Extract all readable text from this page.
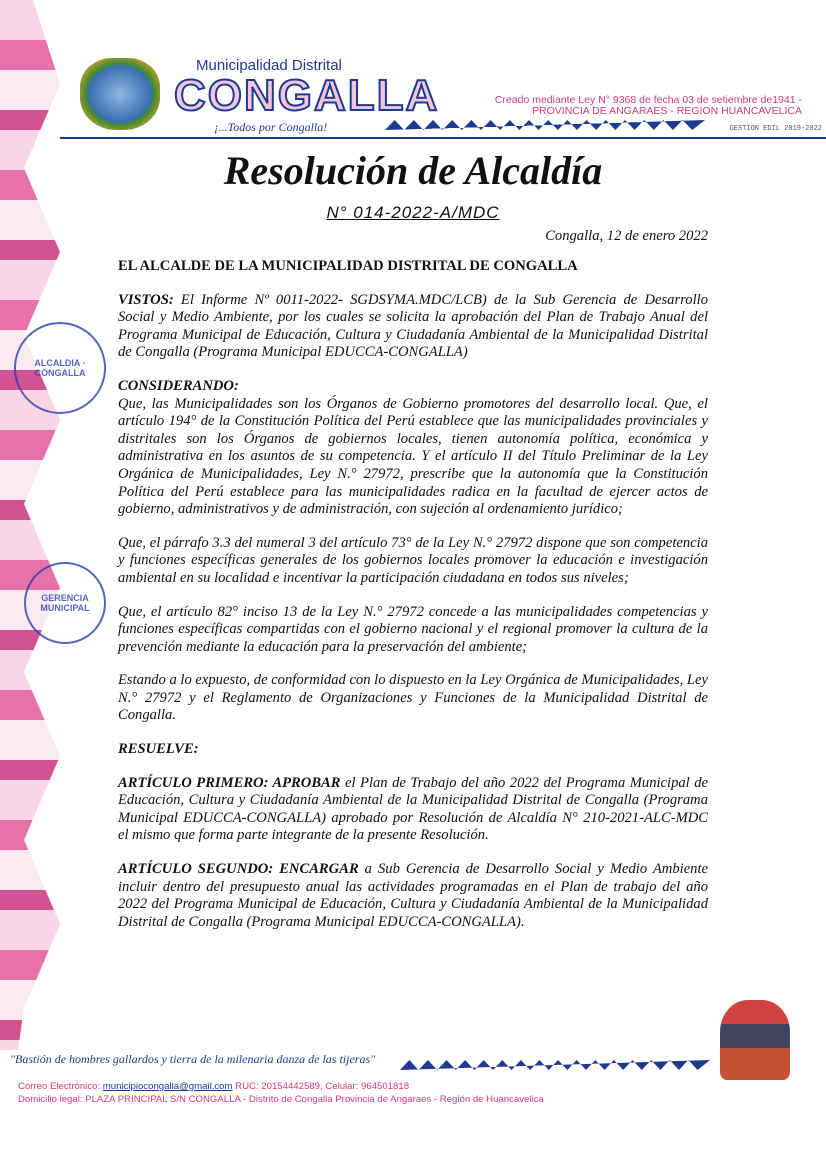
Municipalidad Distrital
CONGALLA
¡...Todos por Congalla!
Creado mediante Ley N° 9368 de fecha 03 de setiembre de1941 -
PROVINCIA DE ANGARAES - REGION HUANCAVELICA
GESTION EDIL 2019-2022
Resolución de Alcaldía
N° 014-2022-A/MDC
Congalla, 12 de enero 2022
EL ALCALDE DE LA MUNICIPALIDAD DISTRITAL DE CONGALLA
VISTOS: El Informe Nº 0011-2022- SGDSYMA.MDC/LCB) de la Sub Gerencia de Desarrollo Social y Medio Ambiente, por los cuales se solicita la aprobación del Plan de Trabajo Anual del Programa Municipal de Educación, Cultura y Ciudadanía Ambiental de la Municipalidad Distrital de Congalla (Programa Municipal EDUCCA-CONGALLA)
CONSIDERANDO:
Que, las Municipalidades son los Órganos de Gobierno promotores del desarrollo local. Que, el artículo 194° de la Constitución Política del Perú establece que las municipalidades provinciales y distritales son los Órganos de gobiernos locales, tienen autonomía política, económica y administrativa en los asuntos de su competencia. Y el artículo II del Título Preliminar de la Ley Orgánica de Municipalidades, Ley N.° 27972, prescribe que la autonomía que la Constitución Política del Perú establece para las municipalidades radica en la facultad de ejercer actos de gobierno, administrativos y de administración, con sujeción al ordenamiento jurídico;
Que, el párrafo 3.3 del numeral 3 del artículo 73° de la Ley N.° 27972 dispone que son competencia y funciones específicas generales de los gobiernos locales promover la educación e investigación ambiental en su localidad e incentivar la participación ciudadana en todos sus niveles;
Que, el artículo 82° inciso 13 de la Ley N.° 27972 concede a las municipalidades competencias y funciones específicas compartidas con el gobierno nacional y el regional promover la cultura de la prevención mediante la educación para la preservación del ambiente;
Estando a lo expuesto, de conformidad con lo dispuesto en la Ley Orgánica de Municipalidades, Ley N.° 27972 y el Reglamento de Organizaciones y Funciones de la Municipalidad Distrital de Congalla.
RESUELVE:
ARTÍCULO PRIMERO: APROBAR el Plan de Trabajo del año 2022 del Programa Municipal de Educación, Cultura y Ciudadanía Ambiental de la Municipalidad Distrital de Congalla (Programa Municipal EDUCCA-CONGALLA) aprobado por Resolución de Alcaldía N° 210-2021-ALC-MDC el mismo que forma parte integrante de la presente Resolución.
ARTÍCULO SEGUNDO: ENCARGAR a Sub Gerencia de Desarrollo Social y Medio Ambiente incluir dentro del presupuesto anual las actividades programadas en el Plan de trabajo del año 2022 del Programa Municipal de Educación, Cultura y Ciudadanía Ambiental de la Municipalidad Distrital de Congalla (Programa Municipal EDUCCA-CONGALLA).
ALCALDIA · CONGALLA
GERENCIA MUNICIPAL
"Bastión de hombres gallardos y tierra de la milenaria danza de las tijeras"
Correo Electrónico: municipiocongalla@gmail.com RUC: 20154442589, Celular: 964501818
Domicilio legal: PLAZA PRINCIPAL S/N CONGALLA - Distrito de Congalla Provincia de Angaraes - Región de Huancavelica
